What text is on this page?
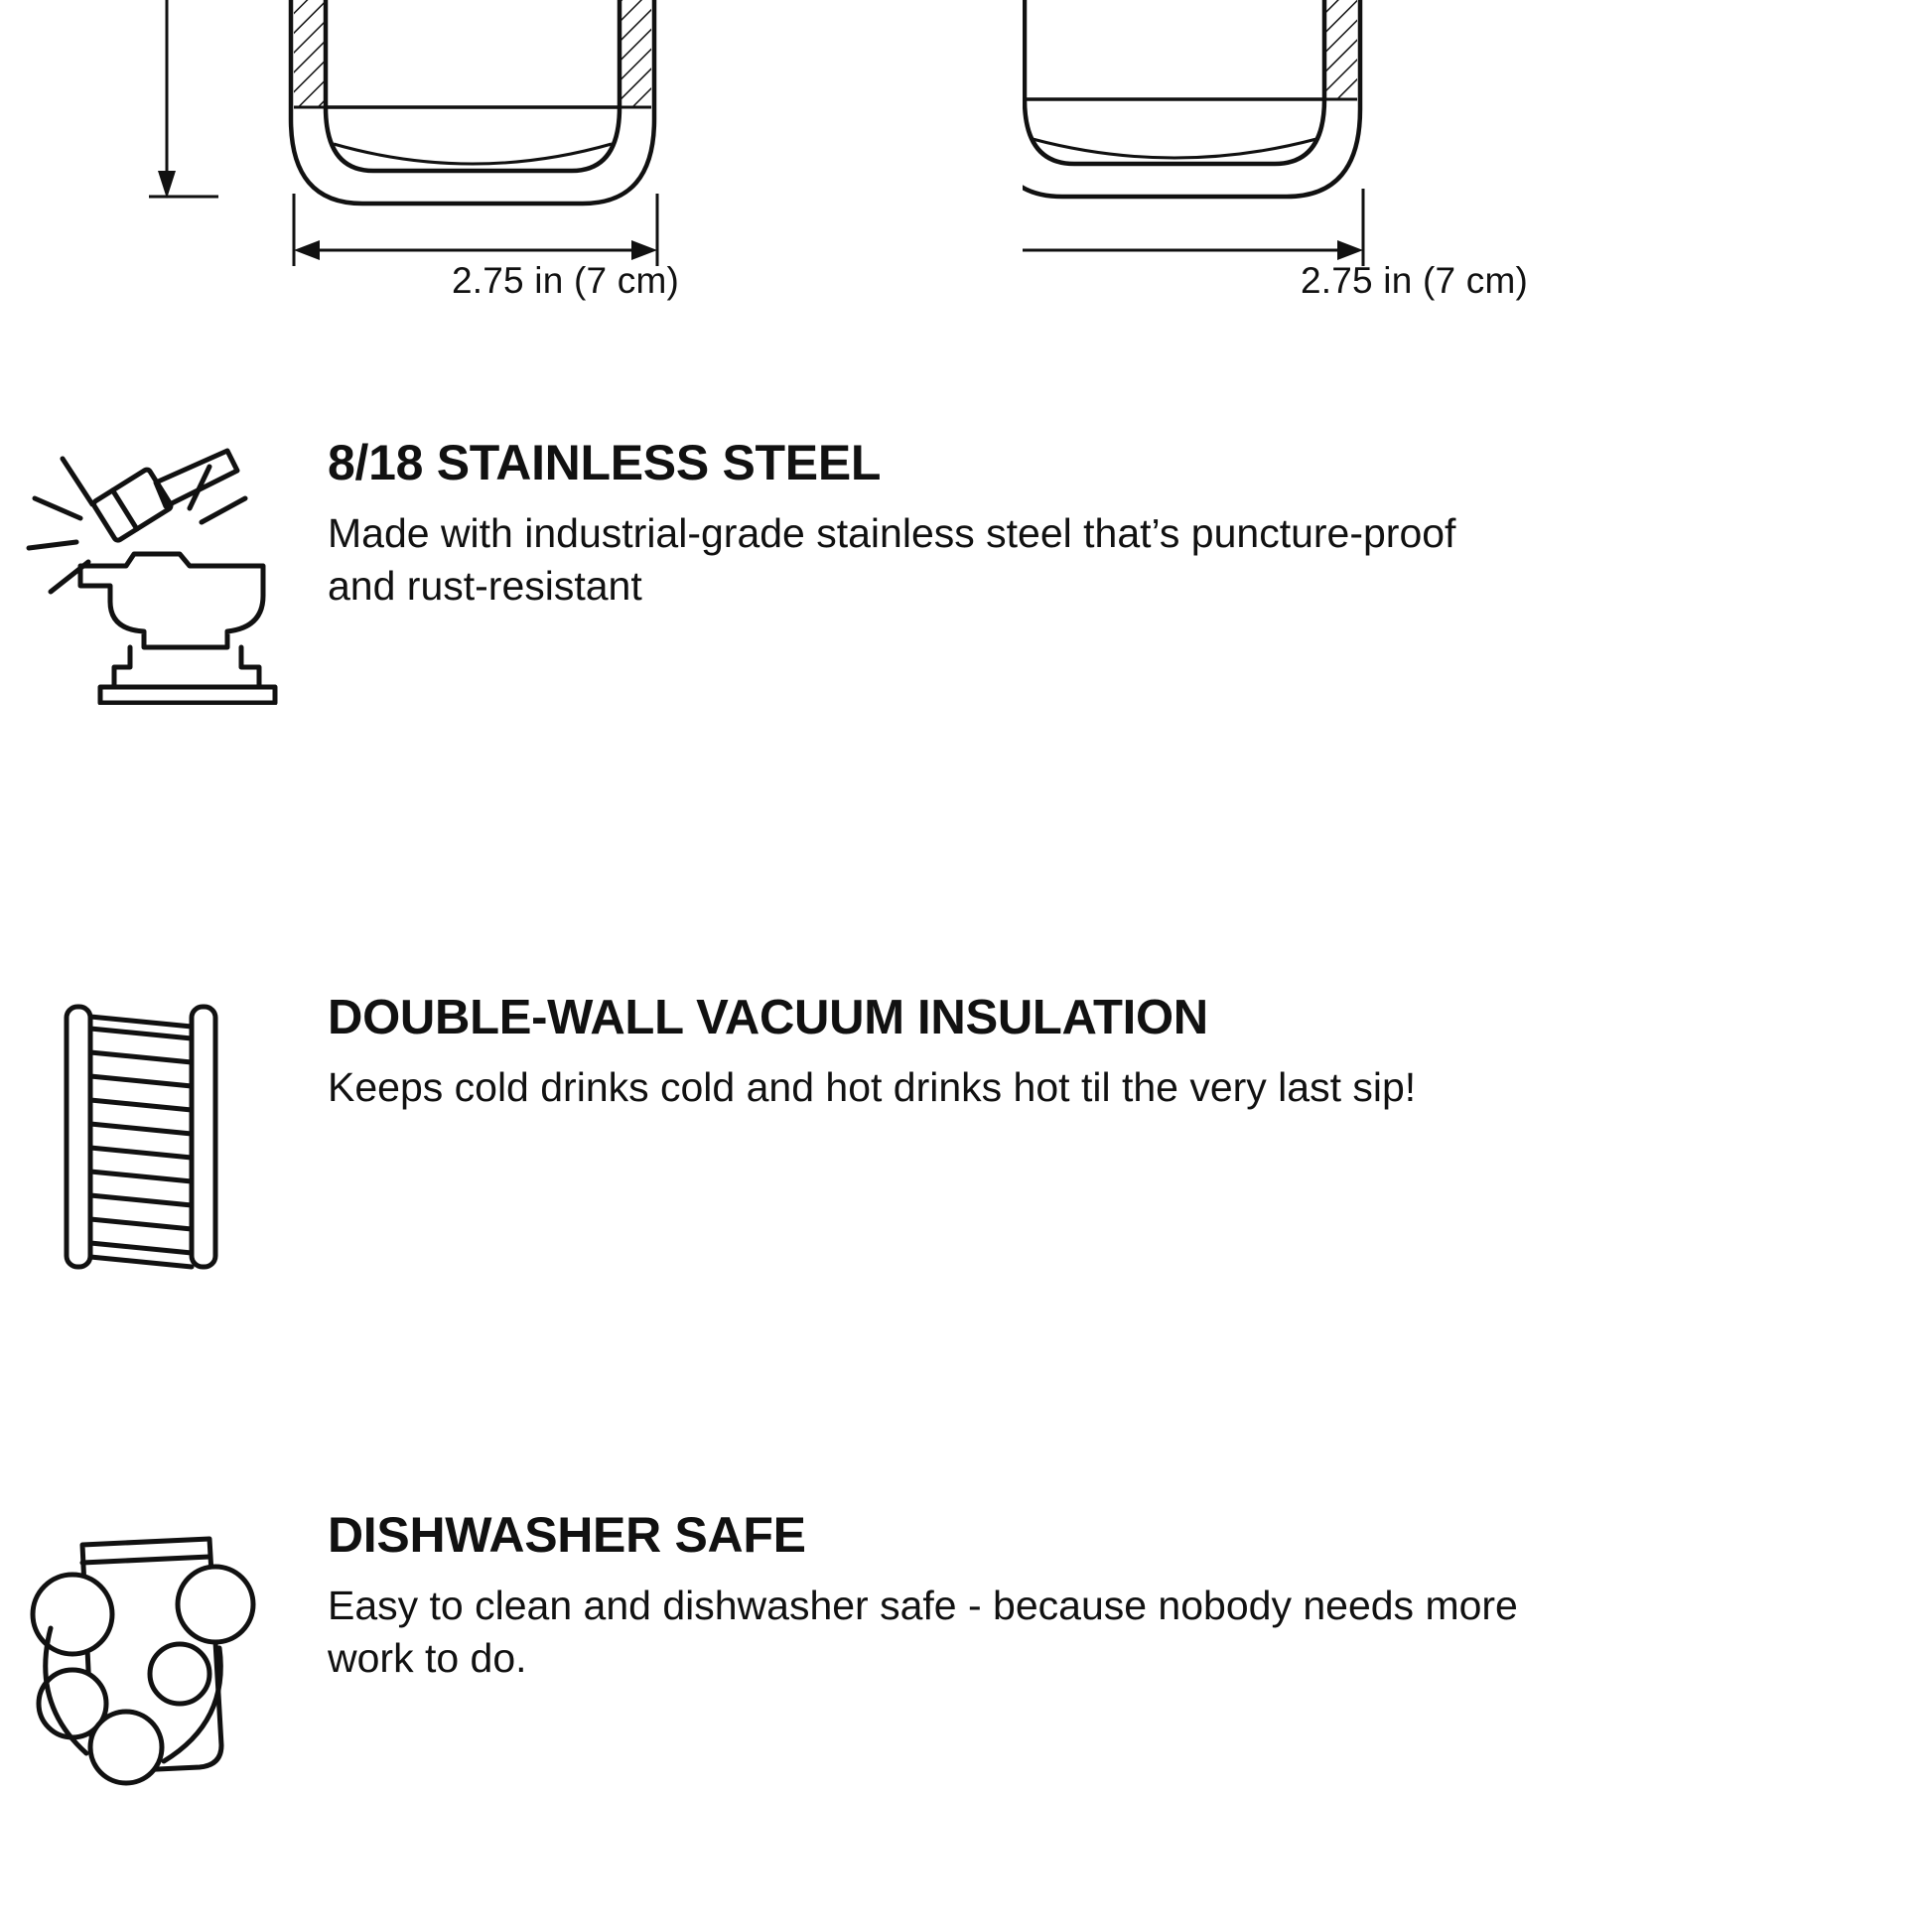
2.75 in (7 cm)	2.75 in (7 cm)
8/18 STAINLESS STEEL

Made with industrial-grade stainless steel that’s puncture-proof and rust-resistant

DOUBLE-WALL VACUUM INSULATION

Keeps cold drinks cold and hot drinks hot til the very last sip!

DISHWASHER SAFE

Easy to clean and dishwasher safe - because nobody needs more work to do.
